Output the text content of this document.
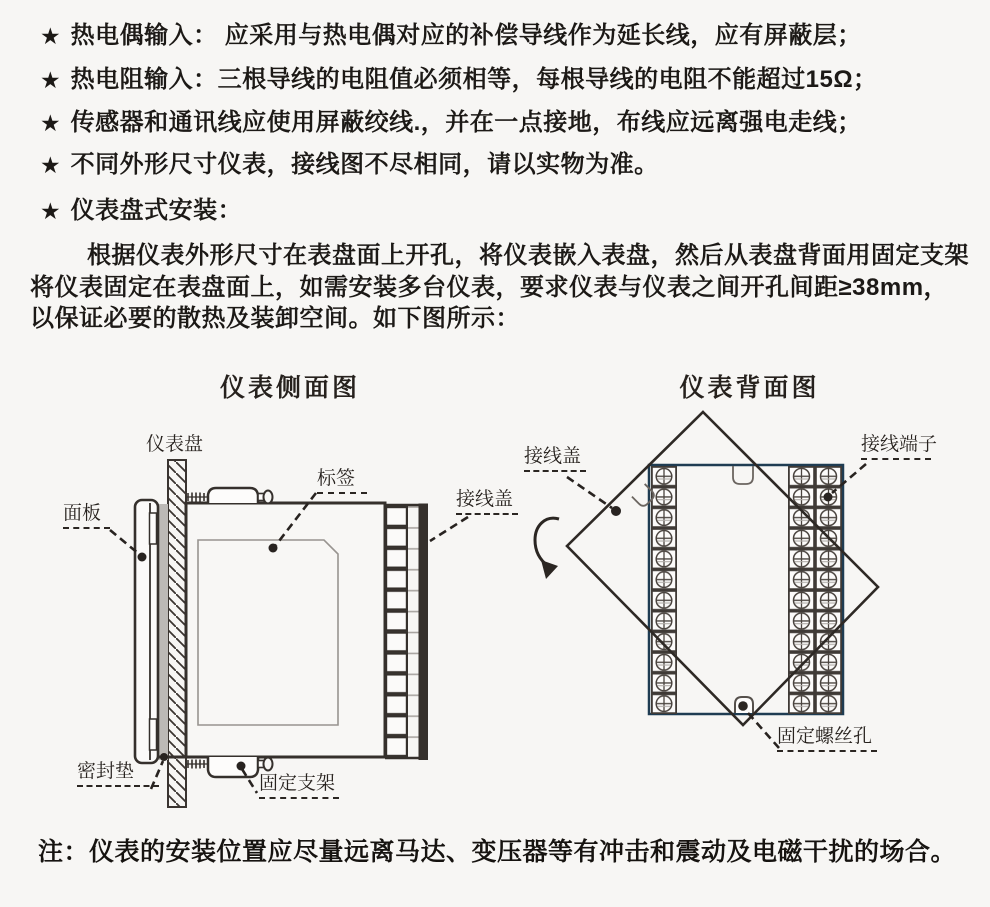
★ 热电偶输入： 应采用与热电偶对应的补偿导线作为延长线，应有屏蔽层；
★ 热电阻输入：三根导线的电阻值必须相等，每根导线的电阻不能超过15Ω；
★ 传感器和通讯线应使用屏蔽绞线.，并在一点接地，布线应远离强电走线；
★ 不同外形尺寸仪表，接线图不尽相同，请以实物为准。
★ 仪表盘式安装：
根据仪表外形尺寸在表盘面上开孔，将仪表嵌入表盘，然后从表盘背面用固定支架
将仪表固定在表盘面上，如需安装多台仪表，要求仪表与仪表之间开孔间距≥38mm，
以保证必要的散热及装卸空间。如下图所示：
仪表侧面图	仪表背面图
仪表盘
面板
标签
接线盖
密封垫
固定支架
接线盖
接线端子
固定螺丝孔
注：仪表的安装位置应尽量远离马达、变压器等有冲击和震动及电磁干扰的场合。
